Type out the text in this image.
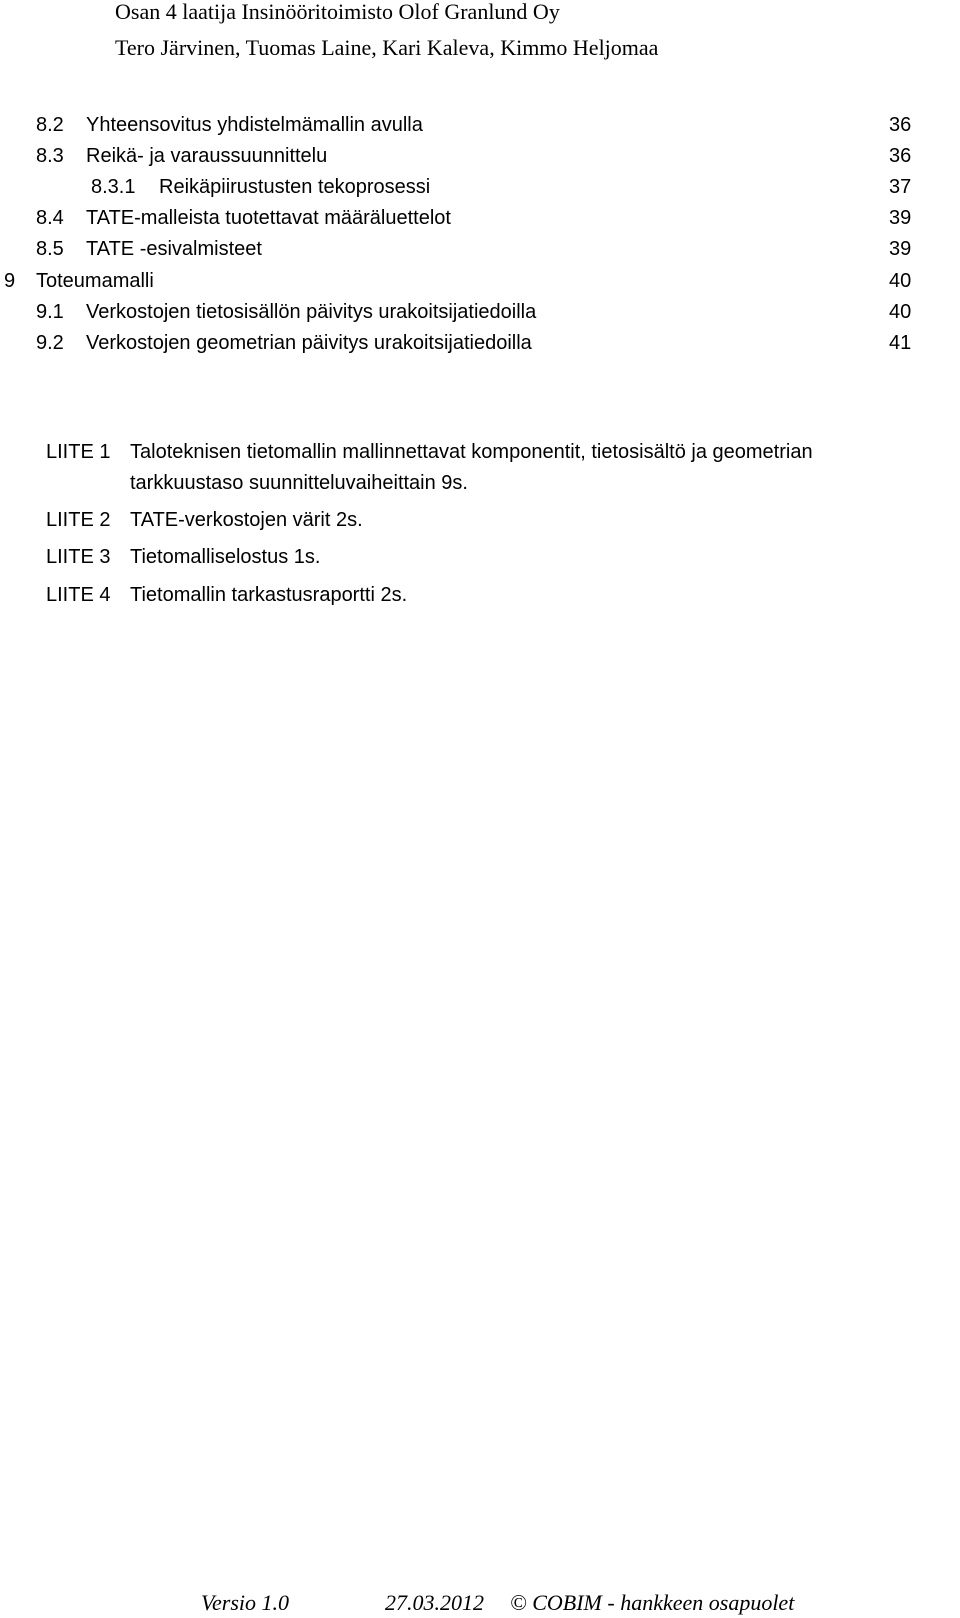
Osan 4 laatija Insinööritoimisto Olof Granlund Oy
Tero Järvinen, Tuomas Laine, Kari Kaleva, Kimmo Heljomaa
8.2 Yhteensovitus yhdistelmämallin avulla	36
8.3 Reikä- ja varaussuunnittelu	36
8.3.1 Reikäpiirustusten tekoprosessi	37
8.4 TATE-malleista tuotettavat määräluettelot	39
8.5 TATE -esivalmisteet	39
9 Toteumamalli	40
9.1 Verkostojen tietosisällön päivitys urakoitsijatiedoilla	40
9.2 Verkostojen geometrian päivitys urakoitsijatiedoilla	41
LIITE 1 Taloteknisen tietomallin mallinnettavat komponentit, tietosisältö ja geometrian
tarkkuustaso suunnitteluvaiheittain 9s.
LIITE 2 TATE-verkostojen värit 2s.
LIITE 3 Tietomalliselostus 1s.
LIITE 4 Tietomallin tarkastusraportti 2s.
Versio 1.0	27.03.2012 © COBIM - hankkeen osapuolet
